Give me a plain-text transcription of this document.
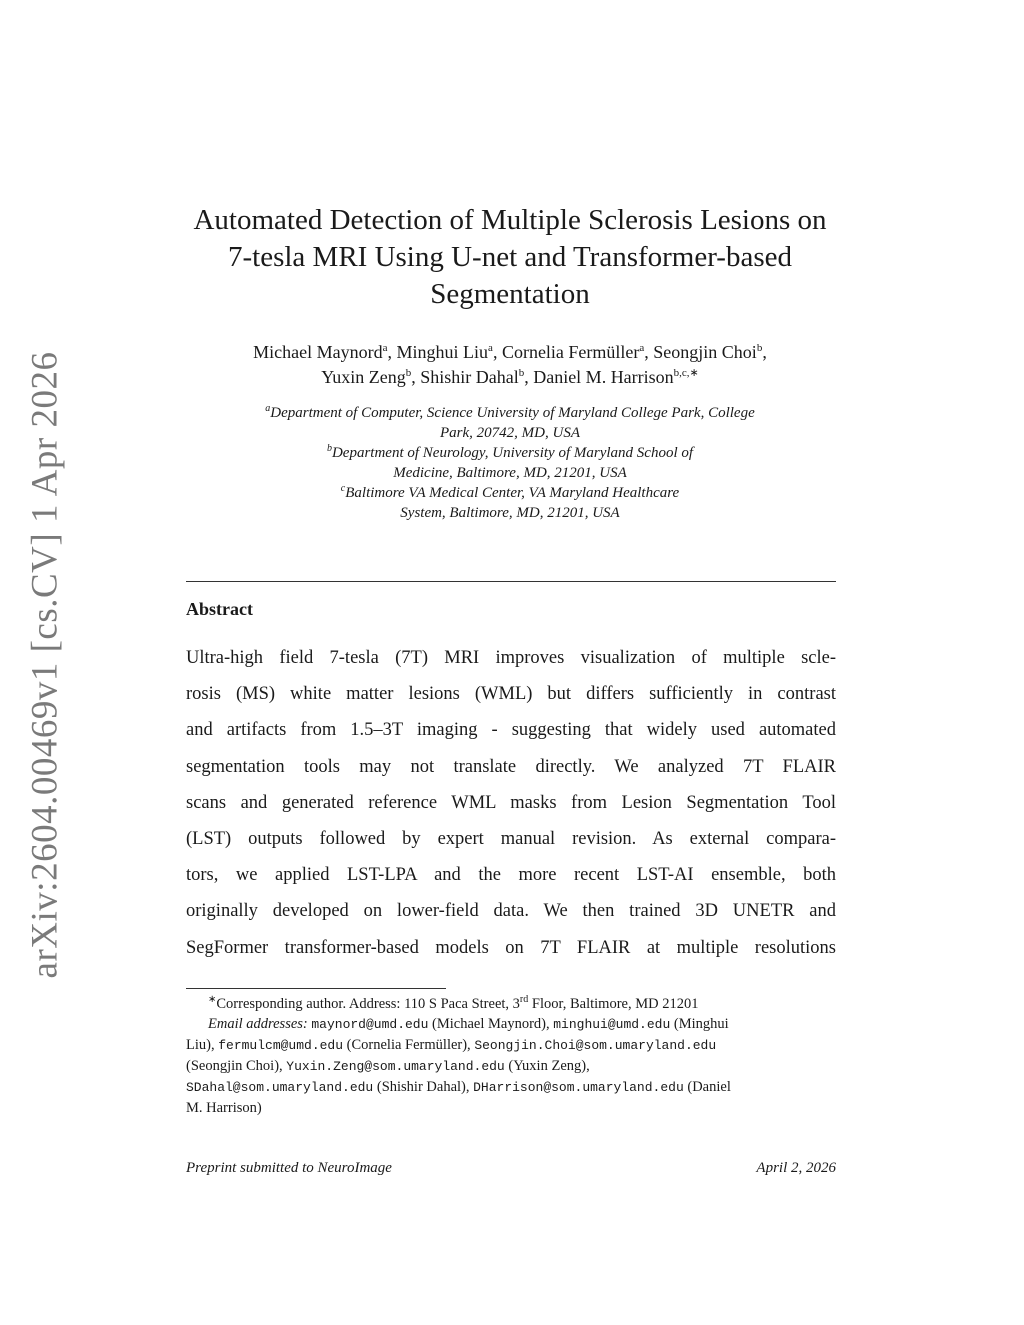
arXiv:2604.00469v1 [cs.CV] 1 Apr 2026
Automated Detection of Multiple Sclerosis Lesions on
7-tesla MRI Using U-net and Transformer-based
Segmentation
Michael Maynord$^a$, Minghui Liu$^a$, Cornelia Fermüller$^a$, Seongjin Choi$^b$,
Yuxin Zeng$^b$, Shishir Dahal$^b$, Daniel M. Harrison$^{b,c,∗}$
$^a$Department of Computer, Science University of Maryland College Park, College
Park, 20742, MD, USA
$^b$Department of Neurology, University of Maryland School of
Medicine, Baltimore, MD, 21201, USA
$^c$Baltimore VA Medical Center, VA Maryland Healthcare
System, Baltimore, MD, 21201, USA
Abstract
Ultra-high field 7-tesla (7T) MRI improves visualization of multiple scle-
rosis (MS) white matter lesions (WML) but differs sufficiently in contrast
and artifacts from 1.5–3T imaging - suggesting that widely used automated
segmentation tools may not translate directly. We analyzed 7T FLAIR
scans and generated reference WML masks from Lesion Segmentation Tool
(LST) outputs followed by expert manual revision. As external compara-
tors, we applied LST-LPA and the more recent LST-AI ensemble, both
originally developed on lower-field data. We then trained 3D UNETR and
SegFormer transformer-based models on 7T FLAIR at multiple resolutions
∗Corresponding author. Address: 110 S Paca Street, 3rd Floor, Baltimore, MD 21201
Email addresses: maynord@umd.edu (Michael Maynord), minghui@umd.edu (Minghui
Liu), fermulcm@umd.edu (Cornelia Fermüller), Seongjin.Choi@som.umaryland.edu
(Seongjin Choi), Yuxin.Zeng@som.umaryland.edu (Yuxin Zeng),
SDahal@som.umaryland.edu (Shishir Dahal), DHarrison@som.umaryland.edu (Daniel
M. Harrison)
Preprint submitted to NeuroImage	April 2, 2026
